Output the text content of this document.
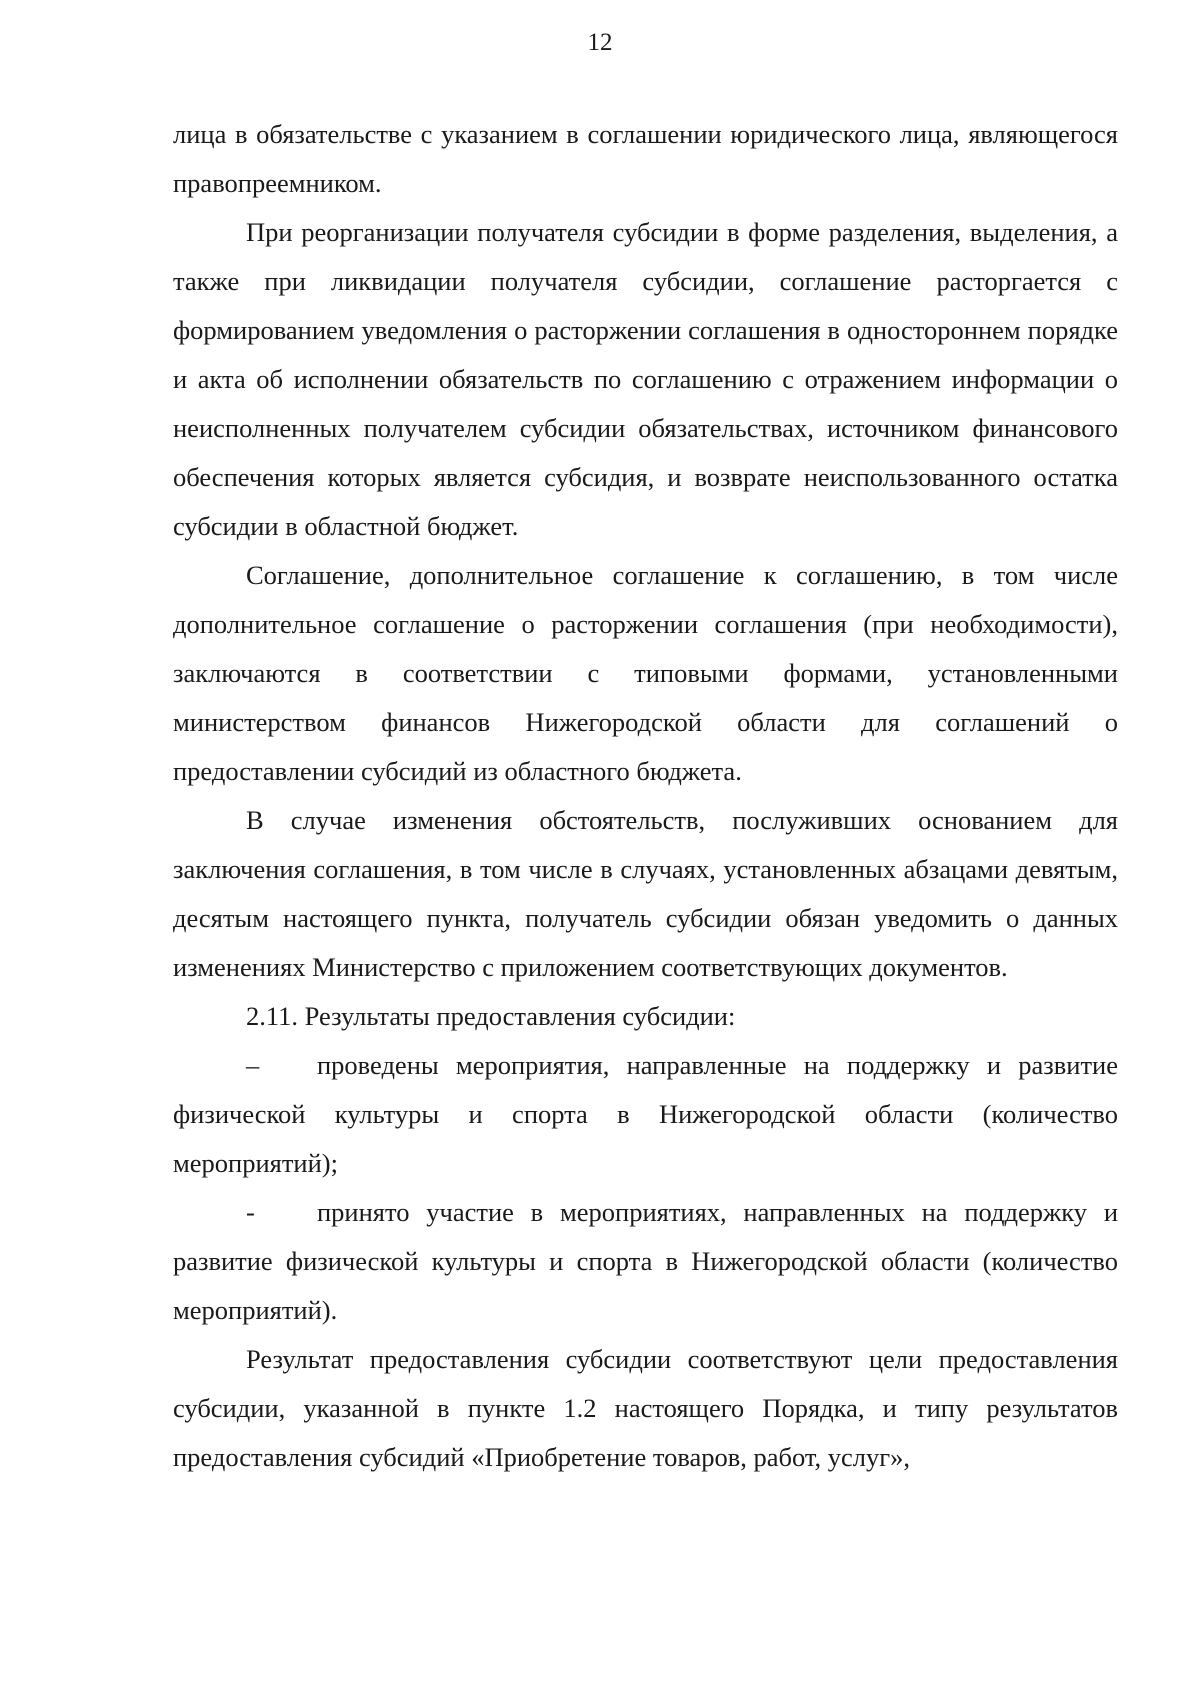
12

лица в обязательстве с указанием в соглашении юридического лица, являющегося правопреемником.

При реорганизации получателя субсидии в форме разделения, выделения, а также при ликвидации получателя субсидии, соглашение расторгается с формированием уведомления о расторжении соглашения в одностороннем порядке и акта об исполнении обязательств по соглашению с отражением информации о неисполненных получателем субсидии обязательствах, источником финансового обеспечения которых является субсидия, и возврате неиспользованного остатка субсидии в областной бюджет.

Соглашение, дополнительное соглашение к соглашению, в том числе дополнительное соглашение о расторжении соглашения (при необходимости), заключаются в соответствии с типовыми формами, установленными министерством финансов Нижегородской области для соглашений о предоставлении субсидий из областного бюджета.

В случае изменения обстоятельств, послуживших основанием для заключения соглашения, в том числе в случаях, установленных абзацами девятым, десятым настоящего пункта, получатель субсидии обязан уведомить о данных изменениях Министерство с приложением соответствующих документов.

2.11. Результаты предоставления субсидии:

– проведены мероприятия, направленные на поддержку и развитие физической культуры и спорта в Нижегородской области (количество мероприятий);

- принято участие в мероприятиях, направленных на поддержку и развитие физической культуры и спорта в Нижегородской области (количество мероприятий).

Результат предоставления субсидии соответствуют цели предоставления субсидии, указанной в пункте 1.2 настоящего Порядка, и типу результатов предоставления субсидий «Приобретение товаров, работ, услуг»,
